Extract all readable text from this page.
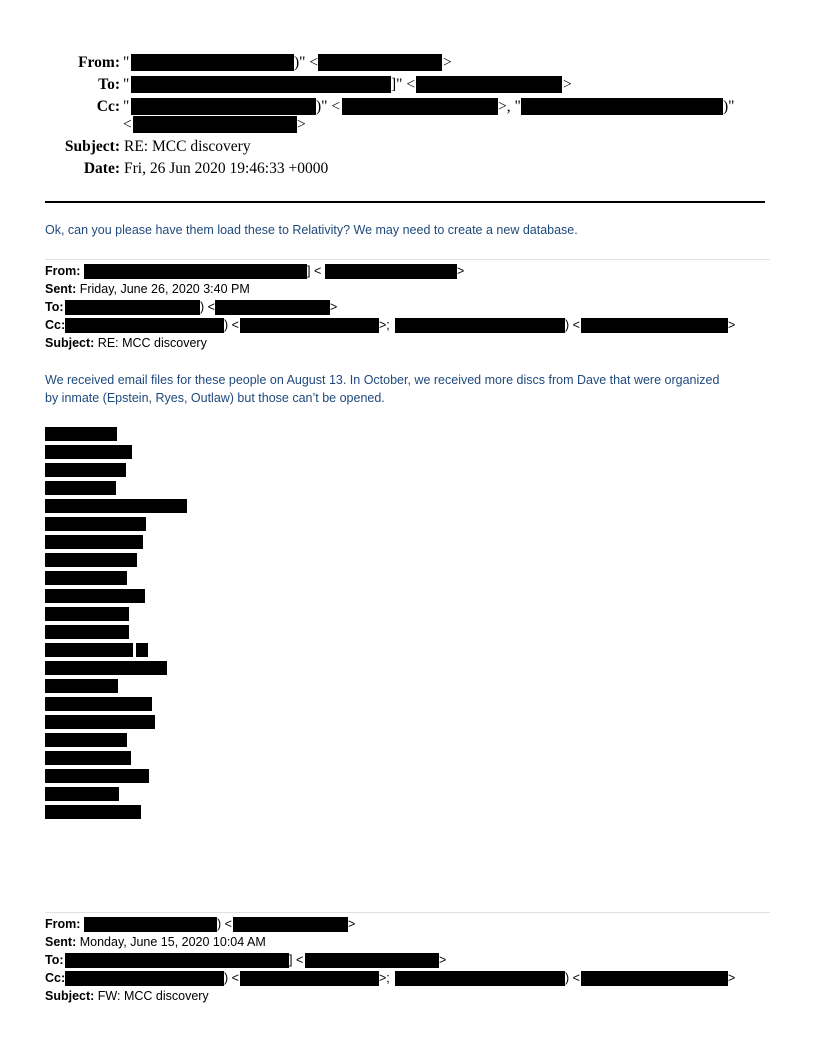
From: "	)" <	>
To: "	]" <	>
Cc: "	)" <	>, "	)"
<	>
Subject: RE: MCC discovery
Date: Fri, 26 Jun 2020 19:46:33 +0000
Ok, can you please have them load these to Relativity? We may need to create a new database.
From:	] <	>
Sent: Friday, June 26, 2020 3:40 PM
To:	) <	>
Cc:	) <	>;	) <	>
Subject: RE: MCC discovery
We received email files for these people on August 13. In October, we received more discs from Dave that were organized
by inmate (Epstein, Ryes, Outlaw) but those can’t be opened.
From:	) <	>
Sent: Monday, June 15, 2020 10:04 AM
To:	] <	>
Cc:	) <	>;	) <	>
Subject: FW: MCC discovery
